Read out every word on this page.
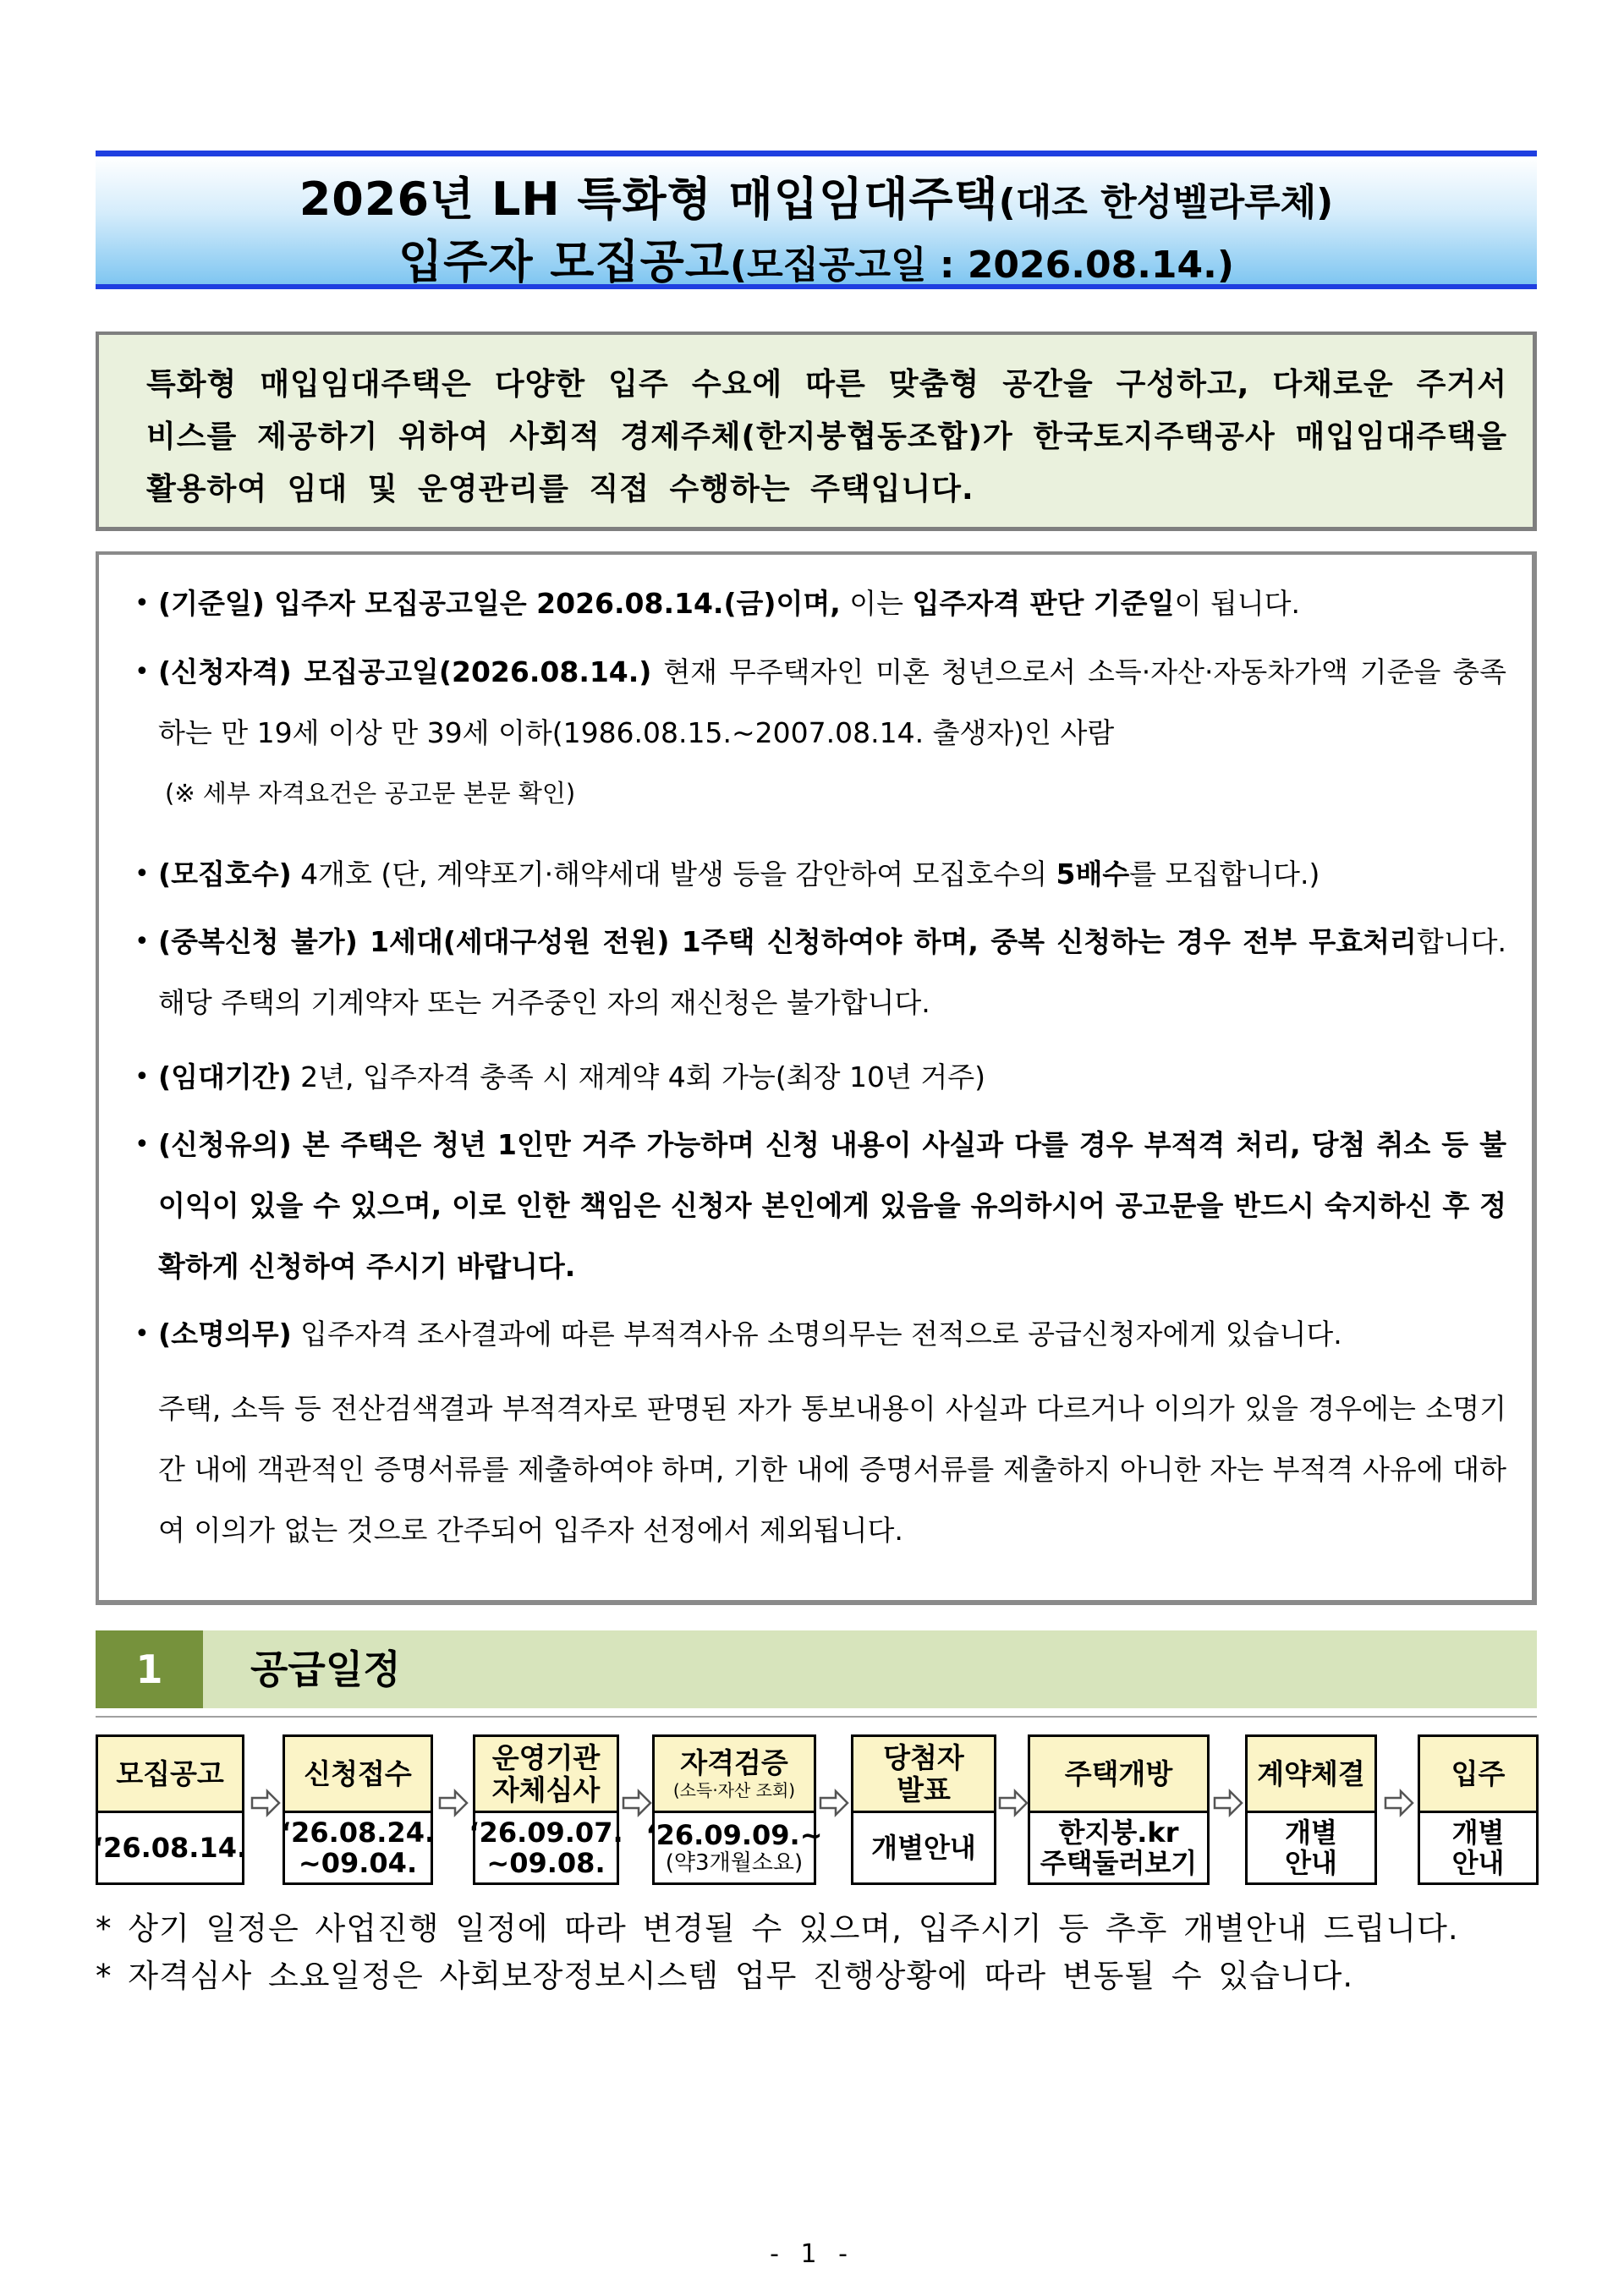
2026년 LH 특화형 매입임대주택(대조 한성벨라루체)
입주자 모집공고(모집공고일 : 2026.08.14.)
특화형 매입임대주택은 다양한 입주 수요에 따른 맞춤형 공간을 구성하고, 다채로운 주거서비스를 제공하기 위하여 사회적 경제주체(한지붕협동조합)가 한국토지주택공사 매입임대주택을 활용하여 임대 및 운영관리를 직접 수행하는 주택입니다.
• (기준일) 입주자 모집공고일은 2026.08.14.(금)이며, 이는 입주자격 판단 기준일이 됩니다.
• (신청자격) 모집공고일(2026.08.14.) 현재 무주택자인 미혼 청년으로서 소득·자산·자동차가액 기준을 충족하는 만 19세 이상 만 39세 이하(1986.08.15.~2007.08.14. 출생자)인 사람
(※ 세부 자격요건은 공고문 본문 확인)
• (모집호수) 4개호 (단, 계약포기·해약세대 발생 등을 감안하여 모집호수의 5배수를 모집합니다.)
• (중복신청 불가) 1세대(세대구성원 전원) 1주택 신청하여야 하며, 중복 신청하는 경우 전부 무효처리합니다. 해당 주택의 기계약자 또는 거주중인 자의 재신청은 불가합니다.
• (임대기간) 2년, 입주자격 충족 시 재계약 4회 가능(최장 10년 거주)
• (신청유의) 본 주택은 청년 1인만 거주 가능하며 신청 내용이 사실과 다를 경우 부적격 처리, 당첨 취소 등 불이익이 있을 수 있으며, 이로 인한 책임은 신청자 본인에게 있음을 유의하시어 공고문을 반드시 숙지하신 후 정확하게 신청하여 주시기 바랍니다.
• (소명의무) 입주자격 조사결과에 따른 부적격사유 소명의무는 전적으로 공급신청자에게 있습니다.
주택, 소득 등 전산검색결과 부적격자로 판명된 자가 통보내용이 사실과 다르거나 이의가 있을 경우에는 소명기간 내에 객관적인 증명서류를 제출하여야 하며, 기한 내에 증명서류를 제출하지 아니한 자는 부적격 사유에 대하여 이의가 없는 것으로 간주되어 입주자 선정에서 제외됩니다.
1	공급일정
모집공고
‘26.08.14.
신청접수
‘26.08.24.
~09.04.
운영기관
자체심사
‘26.09.07.
~09.08.
자격검증
(소득·자산 조회)
‘26.09.09.~
(약3개월소요)
당첨자
발표
개별안내
주택개방
한지붕.kr
주택둘러보기
계약체결
개별
안내
입주
개별
안내
* 상기 일정은 사업진행 일정에 따라 변경될 수 있으며, 입주시기 등 추후 개별안내 드립니다.
* 자격심사 소요일정은 사회보장정보시스템 업무 진행상황에 따라 변동될 수 있습니다.
- 1 -
